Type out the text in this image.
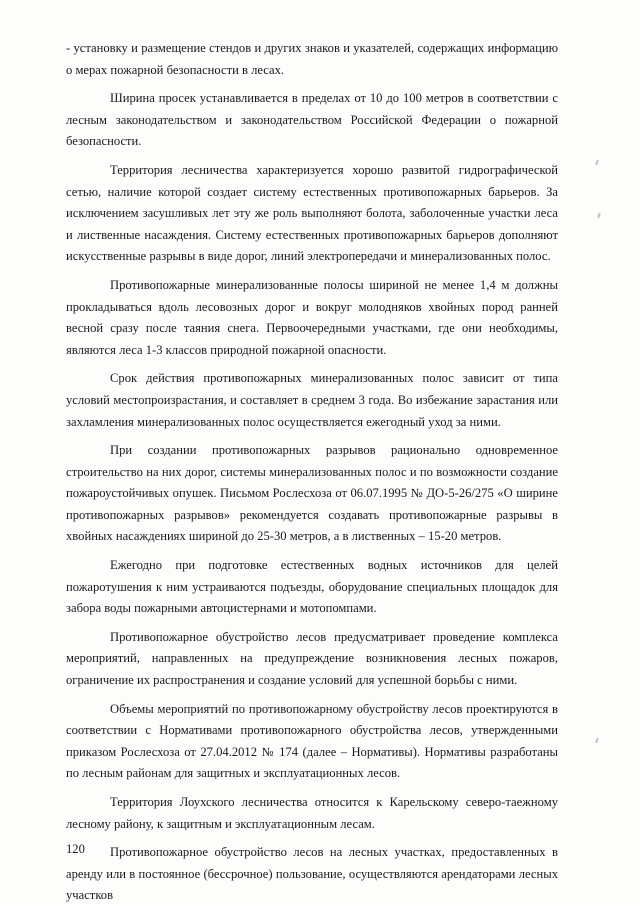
- установку и размещение стендов и других знаков и указателей, содержащих информацию о мерах пожарной безопасности в лесах.

Ширина просек устанавливается в пределах от 10 до 100 метров в соответствии с лесным законодательством и законодательством Российской Федерации о пожарной безопасности.

Территория лесничества характеризуется хорошо развитой гидрографической сетью, наличие которой создает систему естественных противопожарных барьеров. За исключением засушливых лет эту же роль выполняют болота, заболоченные участки леса и лиственные насаждения. Систему естественных противопожарных барьеров дополняют искусственные разрывы в виде дорог, линий электропередачи и минерализованных полос.

Противопожарные минерализованные полосы шириной не менее 1,4 м должны прокладываться вдоль лесовозных дорог и вокруг молодняков хвойных пород ранней весной сразу после таяния снега. Первоочередными участками, где они необходимы, являются леса 1-3 классов природной пожарной опасности.

Срок действия противопожарных минерализованных полос зависит от типа условий местопроизрастания, и составляет в среднем 3 года. Во избежание зарастания или захламления минерализованных полос осуществляется ежегодный уход за ними.

При создании противопожарных разрывов рационально одновременное строительство на них дорог, системы минерализованных полос и по возможности создание пожароустойчивых опушек. Письмом Рослесхоза от 06.07.1995 № ДО-5-26/275 «О ширине противопожарных разрывов» рекомендуется создавать противопожарные разрывы в хвойных насаждениях шириной до 25-30 метров, а в лиственных – 15-20 метров.

Ежегодно при подготовке естественных водных источников для целей пожаротушения к ним устраиваются подъезды, оборудование специальных площадок для забора воды пожарными автоцистернами и мотопомпами.

Противопожарное обустройство лесов предусматривает проведение комплекса мероприятий, направленных на предупреждение возникновения лесных пожаров, ограничение их распространения и создание условий для успешной борьбы с ними.

Объемы мероприятий по противопожарному обустройству лесов проектируются в соответствии с Нормативами противопожарного обустройства лесов, утвержденными приказом Рослесхоза от 27.04.2012 № 174 (далее – Нормативы). Нормативы разработаны по лесным районам для защитных и эксплуатационных лесов.

Территория Лоухского лесничества относится к Карельскому северо-таежному лесному району, к защитным и эксплуатационным лесам.

Противопожарное обустройство лесов на лесных участках, предоставленных в аренду или в постоянное (бессрочное) пользование, осуществляются арендаторами лесных участков

120
